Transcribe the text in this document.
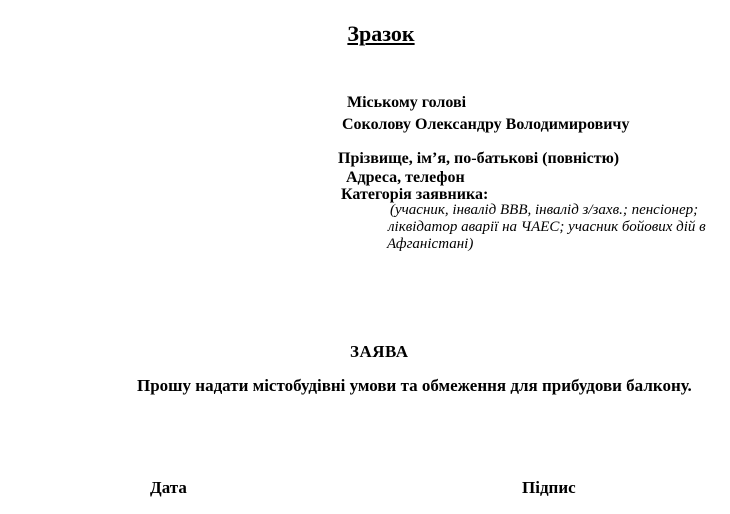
Зразок
Міському голові
Соколову Олександру Володимировичу
Прізвище, ім’я, по-батькові (повністю)
Адреса, телефон
Категорія заявника:
(учасник, інвалід ВВВ, інвалід з/захв.; пенсіонер;
ліквідатор аварії на ЧАЕС; учасник бойових дій в
Афганістані)
ЗАЯВА
Прошу надати містобудівні умови та обмеження для прибудови балкону.
Дата	Підпис
